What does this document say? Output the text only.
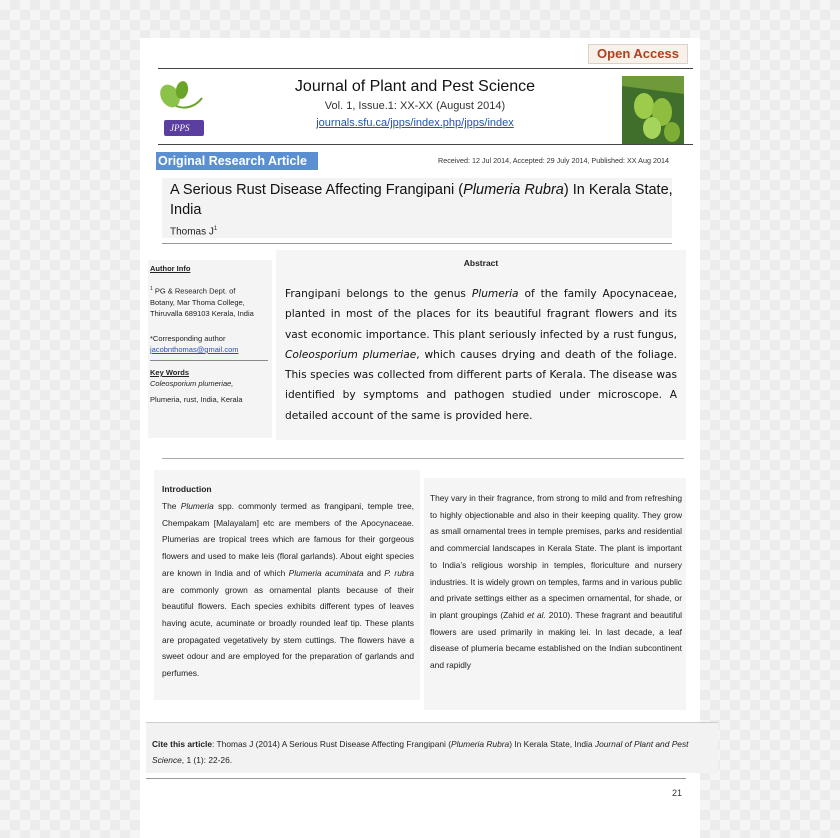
Open Access
JPPS
Journal of Plant and Pest Science
Vol. 1, Issue.1: XX-XX (August 2014)
journals.sfu.ca/jpps/index.php/jpps/index
Original Research Article	Received: 12 Jul 2014, Accepted: 29 July 2014, Published: XX Aug 2014
A Serious Rust Disease Affecting Frangipani (Plumeria Rubra) In Kerala State, India
Thomas $J^1$
Author Info
$^1$ PG & Research Dept. of Botany, Mar Thoma College, Thiruvalla 689103 Kerala, India
*Corresponding author
jacobnthomas@gmail.com
Key Words
Coleosporium plumeriae,
Plumeria, rust, India, Kerala
Abstract
Frangipani belongs to the genus Plumeria of the family Apocynaceae, planted in most of the places for its beautiful fragrant flowers and its vast economic importance. This plant seriously infected by a rust fungus, Coleosporium plumeriae, which causes drying and death of the foliage. This species was collected from different parts of Kerala. The disease was identified by symptoms and pathogen studied under microscope. A detailed account of the same is provided here.
Introduction
The Plumeria spp. commonly termed as frangipani, temple tree, Chempakam [Malayalam] etc are members of the Apocynaceae. Plumerias are tropical trees which are famous for their gorgeous flowers and used to make leis (floral garlands). About eight species are known in India and of which Plumeria acuminata and P. rubra are commonly grown as ornamental plants because of their beautiful flowers. Each species exhibits different types of leaves having acute, acuminate or broadly rounded leaf tip. These plants are propagated vegetatively by stem cuttings. The flowers have a sweet odour and are employed for the preparation of garlands and perfumes.
They vary in their fragrance, from strong to mild and from refreshing to highly objectionable and also in their keeping quality. They grow as small ornamental trees in temple premises, parks and residential and commercial landscapes in Kerala State. The plant is important to India’s religious worship in temples, floriculture and nursery industries. It is widely grown on temples, farms and in various public and private settings either as a specimen ornamental, for shade, or in plant groupings (Zahid et al. 2010). These fragrant and beautiful flowers are used primarily in making lei. In last decade, a leaf disease of plumeria became established on the Indian subcontinent and rapidly
Cite this article: Thomas J (2014) A Serious Rust Disease Affecting Frangipani (Plumeria Rubra) In Kerala State, India Journal of Plant and Pest Science, 1 (1): 22-26.
21
